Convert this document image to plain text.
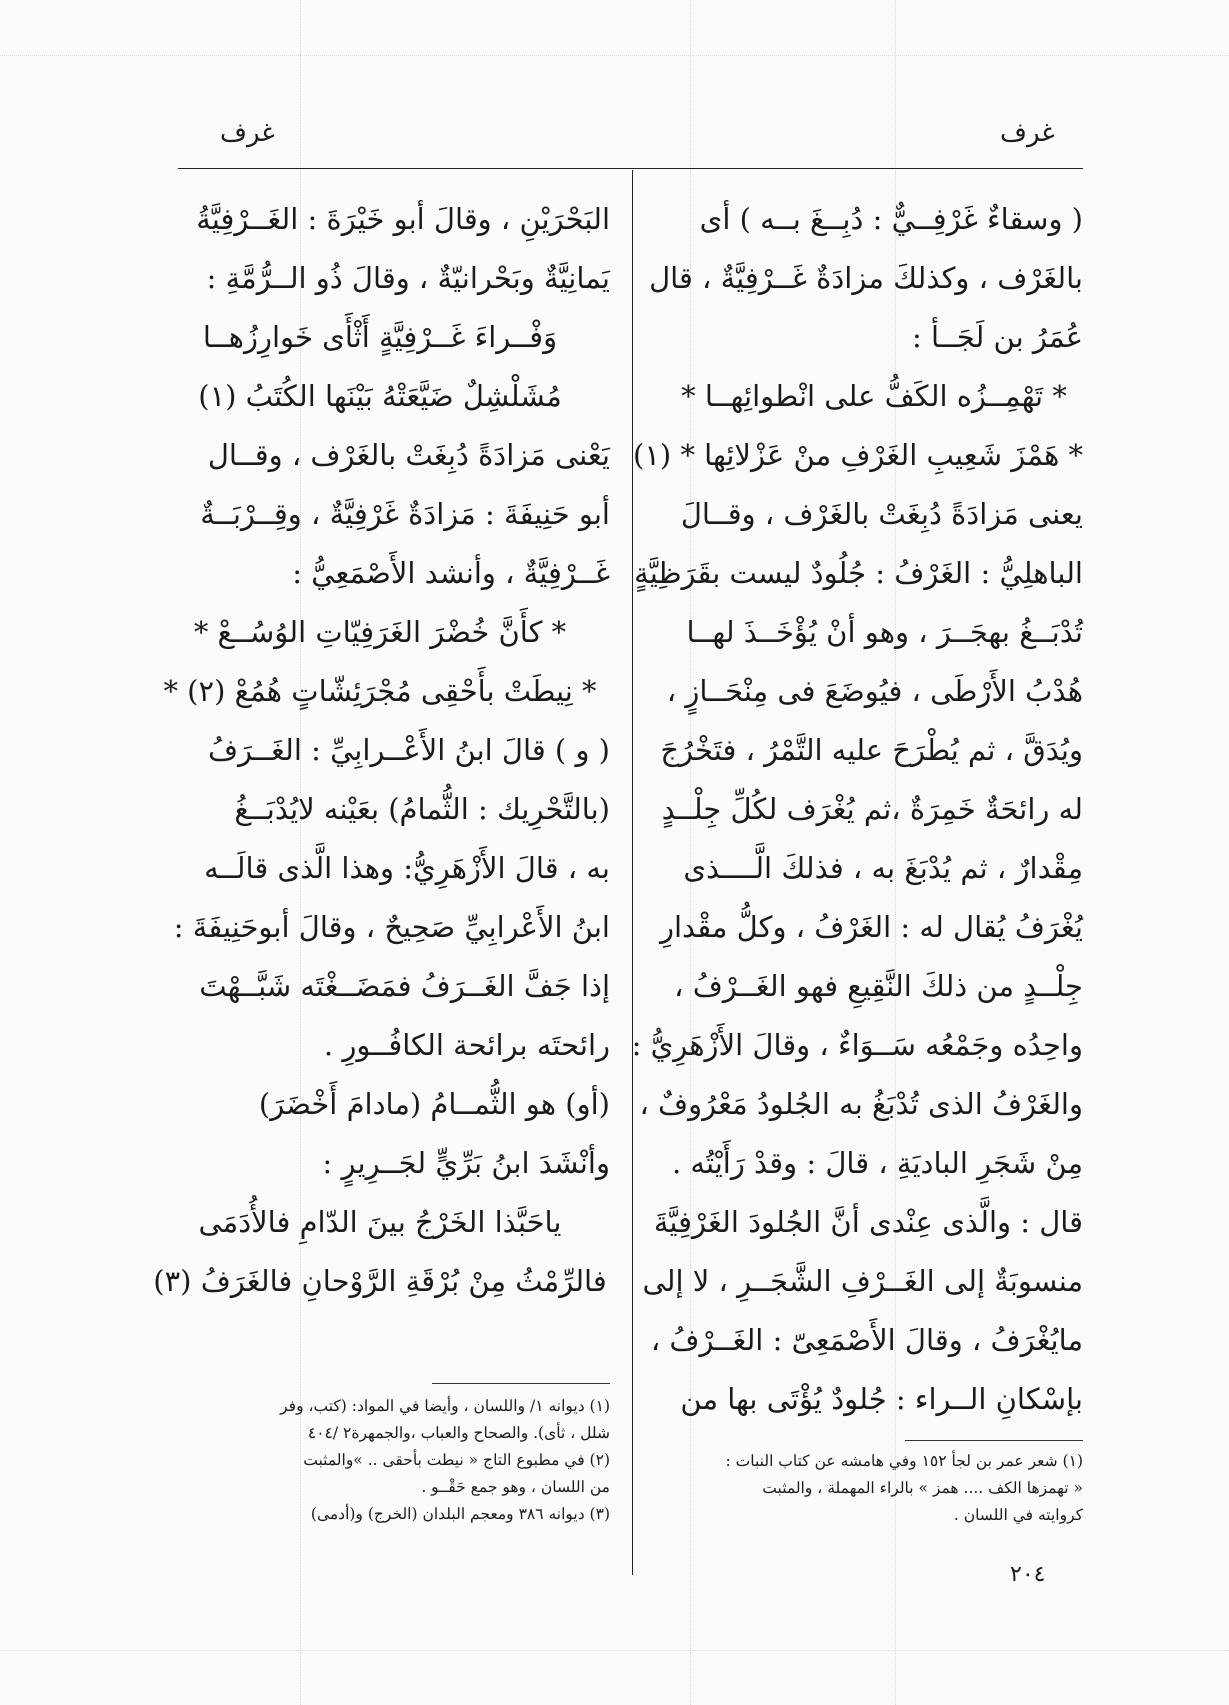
غرف
غرف
( وسقاءٌ غَرْفِــيٌّ : دُبِــغَ بــه ) أى
بالغَرْف ، وكذلكَ مزادَةٌ غَــرْفِيَّةٌ ، قال
عُمَرُ بن لَجَــأ :
* تَهْمِــزُه الكَفُّ على انْطوائِهــا *
* هَمْزَ شَعِيبِ الغَرْفِ منْ عَزْلائِها * (١)
يعنى مَزادَةً دُبِغَتْ بالغَرْف ، وقــالَ
الباهلِيُّ : الغَرْفُ : جُلُودٌ ليست بقَرَظِيَّةٍ
تُدْبَــغُ بهجَــرَ ، وهو أنْ يُؤْخَــذَ لهــا
هُدْبُ الأَرْطَى ، فيُوضَعَ فى مِنْحَــازٍ ،
ويُدَقَّ ، ثم يُطْرَحَ عليه التَّمْرُ ، فتَخْرُجَ
له رائحَةٌ خَمِرَةٌ ،ثم يُغْرَف لكُلِّ جِلْــدٍ
مِقْدارٌ ، ثم يُدْبَغَ به ، فذلكَ الَّــــذى
يُغْرَفُ يُقال له : الغَرْفُ ، وكلُّ مقْدارِ
جِلْــدٍ من ذلكَ النَّقِيعِ فهو الغَــرْفُ ،
واحِدُه وجَمْعُه سَــوَاءٌ ، وقالَ الأَزْهَرِيُّ :
والغَرْفُ الذى تُدْبَغُ به الجُلودُ مَعْرُوفٌ ،
مِنْ شَجَرِ الباديَةِ ، قالَ : وقدْ رَأَيْتُه .
قال : والَّذى عِنْدى أنَّ الجُلودَ الغَرْفِيَّةَ
منسوبَةٌ إلى الغَــرْفِ الشَّجَــرِ ، لا إلى
مايُغْرَفُ ، وقالَ الأَصْمَعِىّ : الغَــرْفُ ،
بإسْكانِ الــراء : جُلودٌ يُؤْتَى بها من
البَحْرَيْنِ ، وقالَ أبو خَيْرَةَ : الغَــرْفِيَّةُ
يَمانِيَّةٌ وبَحْرانيّةٌ ، وقالَ ذُو الــرُّمَّةِ :
وَفْــراءَ غَــرْفِيَّةٍ أَثْأَى خَوارِزُهــا
مُشَلْشِلٌ ضَيَّعَتْهُ بَيْنَها الكُتَبُ (١)
يَعْنى مَزادَةً دُبِغَتْ بالغَرْف ، وقــال
أبو حَنِيفَةَ : مَزادَةٌ غَرْفِيَّةٌ ، وقِــرْبَــةٌ
غَــرْفِيَّةٌ ، وأنشد الأَصْمَعِيُّ :
* كأَنَّ خُضْرَ الغَرَفِيّاتِ الوُسُــعْ *
* نِيطَتْ بأَحْقِى مُجْرَئِشّاتٍ هُمُعْ (٢) *
( و ) قالَ ابنُ الأَعْــرابِيِّ : الغَــرَفُ
(بالتَّحْرِيك : الثُّمامُ) بعَيْنه لايُدْبَــغُ
به ، قالَ الأَزْهَرِيُّ: وهذا الَّذى قالَــه
ابنُ الأَعْرابِيِّ صَحِيحٌ ، وقالَ أبوحَنِيفَةَ :
إذا جَفَّ الغَــرَفُ فمَضَــغْتَه شَبَّــهْتَ
رائحتَه برائحة الكافُــورِ .
(أو) هو الثُّمــامُ (مادامَ أَخْضَرَ)
وأنْشَدَ ابنُ بَرِّيٍّ لجَــرِيرٍ :
ياحَبَّذا الخَرْجُ بينَ الدّامِ فالأُدَمَى
فالرِّمْثُ مِنْ بُرْقَةِ الرَّوْحانِ فالغَرَفُ (٣)
(١) شعر عمر بن لجأ ١٥٢ وفي هامشه عن كتاب النبات :
« تهمزها الكف .... همز » بالراء المهملة ، والمثبت
كروايته في اللسان .
(١) ديوانه ١/ واللسان ، وأيضا في المواد: (كتب، وفر
شلل ، ثأى). والصحاح والعباب ،والجمهرة٢ /٤٠٤
(٢) في مطبوع التاج « نيطت بأحقى .. »والمثبت
من اللسان ، وهو جمع حَقْــو .
(٣) ديوانه ٣٨٦ ومعجم البلدان (الخرج) و(أدمى)
٢٠٤
